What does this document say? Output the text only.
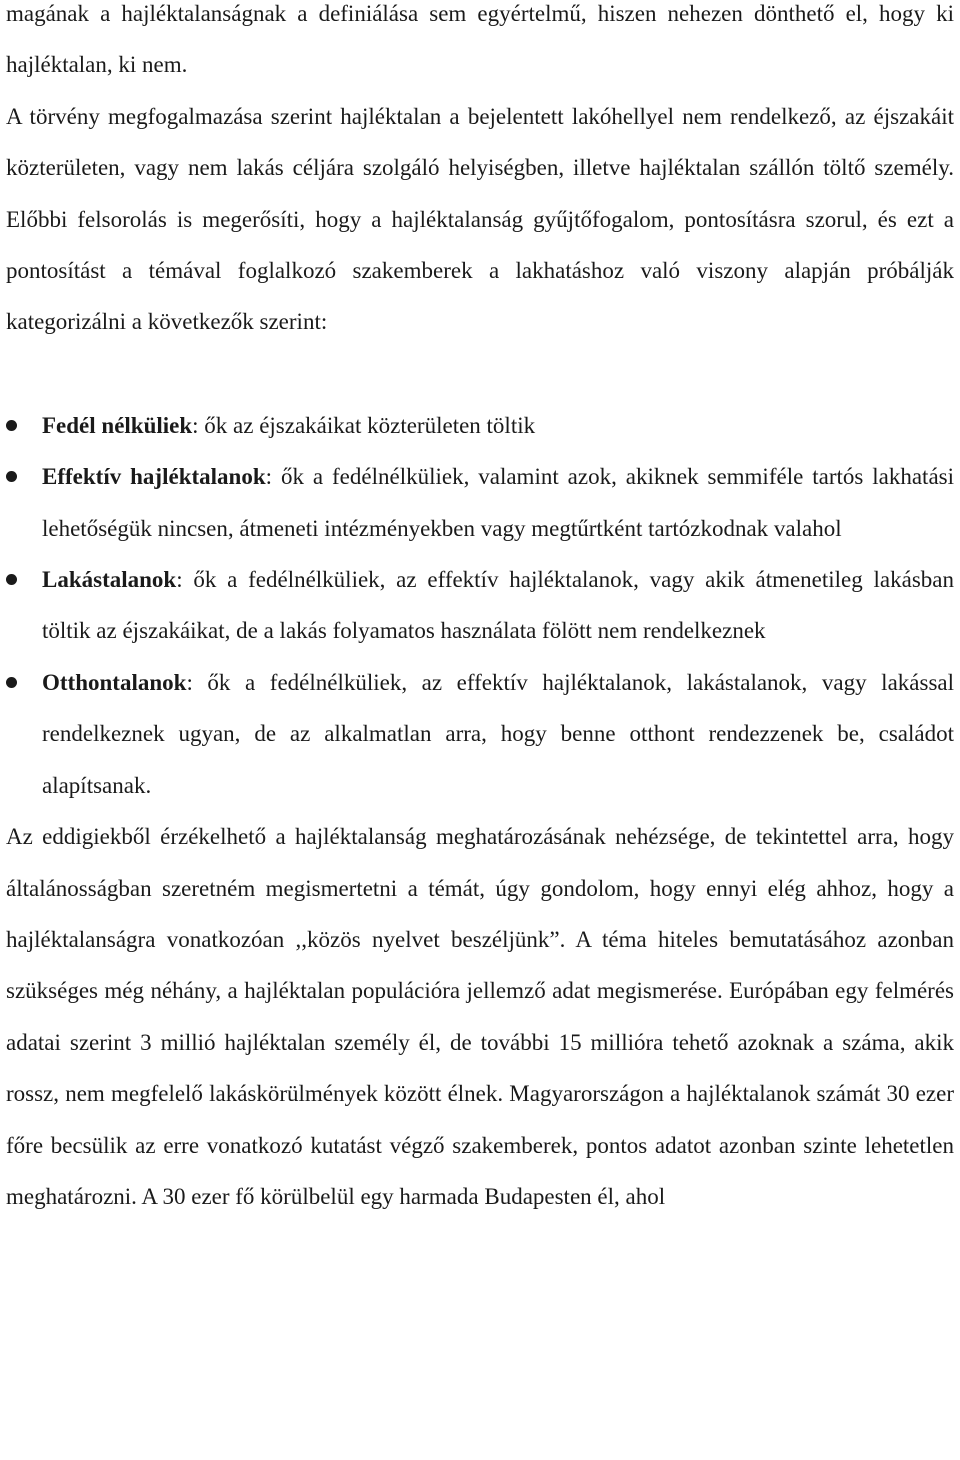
magának a hajléktalanságnak a definiálása sem egyértelmű, hiszen nehezen dönthető el, hogy ki hajléktalan, ki nem.

A törvény megfogalmazása szerint hajléktalan a bejelentett lakóhellyel nem rendelkező, az éjszakáit közterületen, vagy nem lakás céljára szolgáló helyiségben, illetve hajléktalan szállón töltő személy. Előbbi felsorolás is megerősíti, hogy a hajléktalanság gyűjtőfogalom, pontosításra szorul, és ezt a pontosítást a témával foglalkozó szakemberek a lakhatáshoz való viszony alapján próbálják kategorizálni a következők szerint:

Fedél nélküliek: ők az éjszakáikat közterületen töltik
Effektív hajléktalanok: ők a fedélnélküliek, valamint azok, akiknek semmiféle tartós lakhatási lehetőségük nincsen, átmeneti intézményekben vagy megtűrtként tartózkodnak valahol
Lakástalanok: ők a fedélnélküliek, az effektív hajléktalanok, vagy akik átmenetileg lakásban töltik az éjszakáikat, de a lakás folyamatos használata fölött nem rendelkeznek
Otthontalanok: ők a fedélnélküliek, az effektív hajléktalanok, lakástalanok, vagy lakással rendelkeznek ugyan, de az alkalmatlan arra, hogy benne otthont rendezzenek be, családot alapítsanak.

Az eddigiekből érzékelhető a hajléktalanság meghatározásának nehézsége, de tekintettel arra, hogy általánosságban szeretném megismertetni a témát, úgy gondolom, hogy ennyi elég ahhoz, hogy a hajléktalanságra vonatkozóan ,,közös nyelvet beszéljünk”. A téma hiteles bemutatásához azonban szükséges még néhány, a hajléktalan populációra jellemző adat megismerése. Európában egy felmérés adatai szerint 3 millió hajléktalan személy él, de további 15 millióra tehető azoknak a száma, akik rossz, nem megfelelő lakáskörülmények között élnek. Magyarországon a hajléktalanok számát 30 ezer főre becsülik az erre vonatkozó kutatást végző szakemberek, pontos adatot azonban szinte lehetetlen meghatározni. A 30 ezer fő körülbelül egy harmada Budapesten él, ahol
